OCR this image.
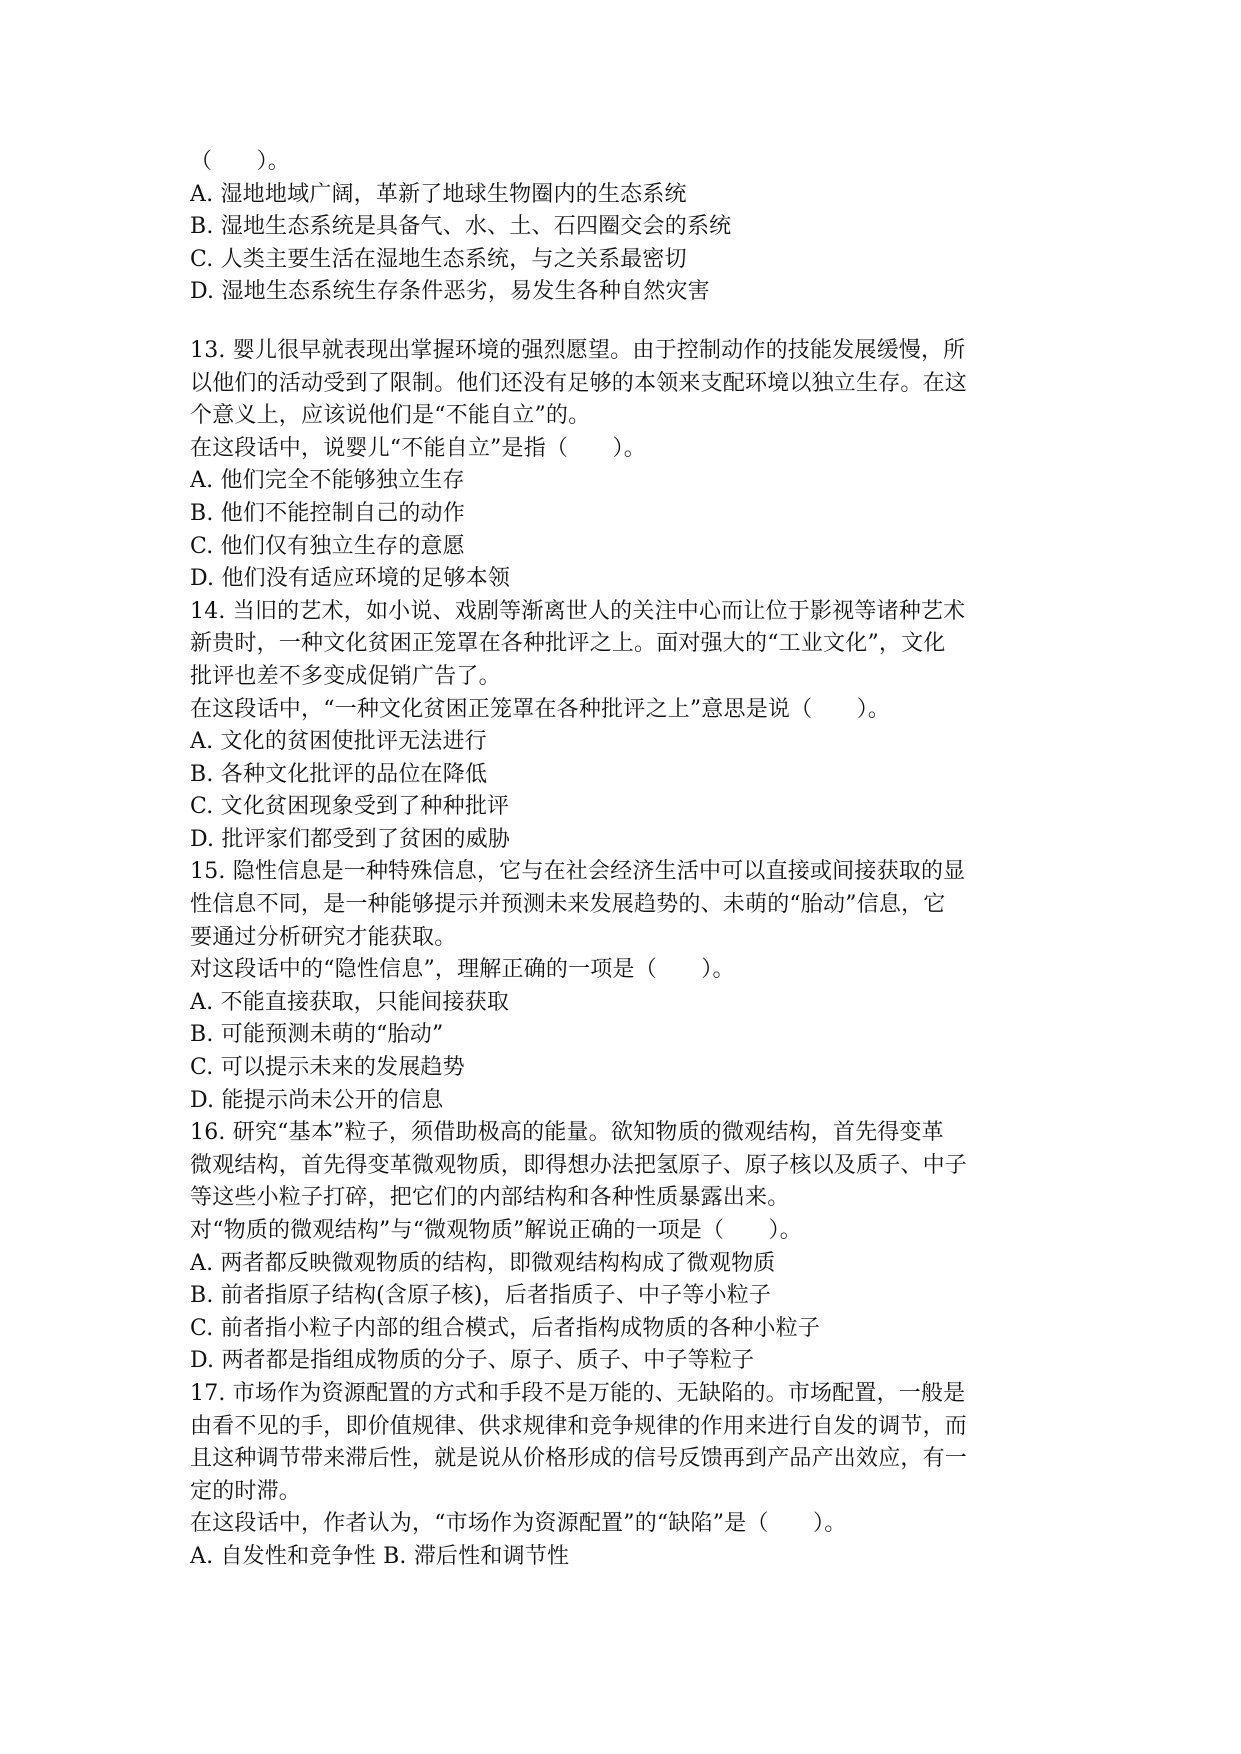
（　　）。
A. 湿地地域广阔，革新了地球生物圈内的生态系统
B. 湿地生态系统是具备气、水、土、石四圈交会的系统
C. 人类主要生活在湿地生态系统，与之关系最密切
D. 湿地生态系统生存条件恶劣，易发生各种自然灾害
13. 婴儿很早就表现出掌握环境的强烈愿望。由于控制动作的技能发展缓慢，所
以他们的活动受到了限制。他们还没有足够的本领来支配环境以独立生存。在这
个意义上，应该说他们是“不能自立”的。
在这段话中，说婴儿“不能自立”是指（　　）。
A. 他们完全不能够独立生存
B. 他们不能控制自己的动作
C. 他们仅有独立生存的意愿
D. 他们没有适应环境的足够本领
14. 当旧的艺术，如小说、戏剧等渐离世人的关注中心而让位于影视等诸种艺术
新贵时，一种文化贫困正笼罩在各种批评之上。面对强大的“工业文化”，文化
批评也差不多变成促销广告了。
在这段话中，“一种文化贫困正笼罩在各种批评之上”意思是说（　　）。
A. 文化的贫困使批评无法进行
B. 各种文化批评的品位在降低
C. 文化贫困现象受到了种种批评
D. 批评家们都受到了贫困的威胁
15. 隐性信息是一种特殊信息，它与在社会经济生活中可以直接或间接获取的显
性信息不同，是一种能够提示并预测未来发展趋势的、未萌的“胎动”信息，它
要通过分析研究才能获取。
对这段话中的“隐性信息”，理解正确的一项是（　　）。
A. 不能直接获取，只能间接获取
B. 可能预测未萌的“胎动”
C. 可以提示未来的发展趋势
D. 能提示尚未公开的信息
16. 研究“基本”粒子，须借助极高的能量。欲知物质的微观结构，首先得变革
微观结构，首先得变革微观物质，即得想办法把氢原子、原子核以及质子、中子
等这些小粒子打碎，把它们的内部结构和各种性质暴露出来。
对“物质的微观结构”与“微观物质”解说正确的一项是（　　）。
A. 两者都反映微观物质的结构，即微观结构构成了微观物质
B. 前者指原子结构(含原子核)，后者指质子、中子等小粒子
C. 前者指小粒子内部的组合模式，后者指构成物质的各种小粒子
D. 两者都是指组成物质的分子、原子、质子、中子等粒子
17. 市场作为资源配置的方式和手段不是万能的、无缺陷的。市场配置，一般是
由看不见的手，即价值规律、供求规律和竞争规律的作用来进行自发的调节，而
且这种调节带来滞后性，就是说从价格形成的信号反馈再到产品产出效应，有一
定的时滞。
在这段话中，作者认为，“市场作为资源配置”的“缺陷”是（　　）。
A. 自发性和竞争性 B. 滞后性和调节性
